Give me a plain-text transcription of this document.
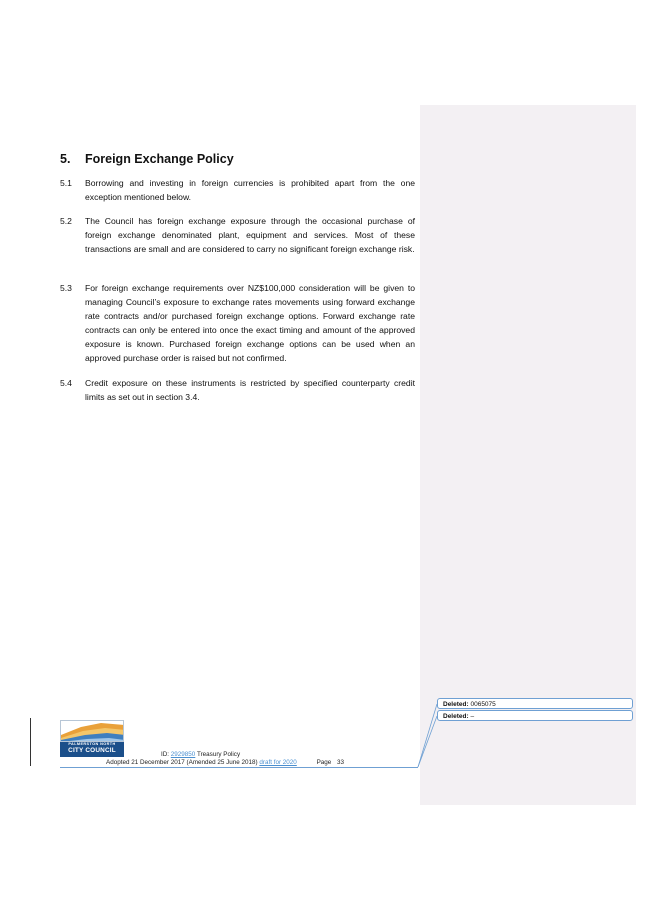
5. Foreign Exchange Policy
5.1 Borrowing and investing in foreign currencies is prohibited apart from the one exception mentioned below.
5.2 The Council has foreign exchange exposure through the occasional purchase of foreign exchange denominated plant, equipment and services. Most of these transactions are small and are considered to carry no significant foreign exchange risk.
5.3 For foreign exchange requirements over NZ$100,000 consideration will be given to managing Council’s exposure to exchange rates movements using forward exchange rate contracts and/or purchased foreign exchange options. Forward exchange rate contracts can only be entered into once the exact timing and amount of the approved exposure is known. Purchased foreign exchange options can be used when an approved purchase order is raised but not confirmed.
5.4 Credit exposure on these instruments is restricted by specified counterparty credit limits as set out in section 3.4.
PALMERSTON NORTH
CITY COUNCIL
ID: 2929850 Treasury Policy
Adopted 21 December 2017 (Amended 25 June 2018) draft for 2020	Page 33
Deleted: 0065075
Deleted: –
